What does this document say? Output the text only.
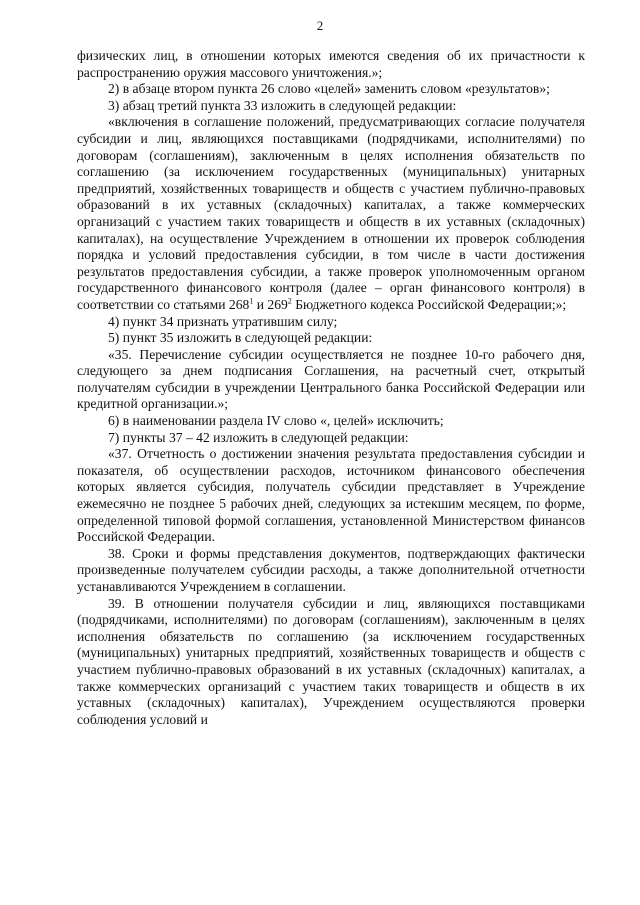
2

физических лиц, в отношении которых имеются сведения об их причастности к распространению оружия массового уничтожения.»;

2) в абзаце втором пункта 26 слово «целей» заменить словом «результатов»;

3) абзац третий пункта 33 изложить в следующей редакции:

«включения в соглашение положений, предусматривающих согласие получателя субсидии и лиц, являющихся поставщиками (подрядчиками, исполнителями) по договорам (соглашениям), заключенным в целях исполнения обязательств по соглашению (за исключением государственных (муниципальных) унитарных предприятий, хозяйственных товариществ и обществ с участием публично-правовых образований в их уставных (складочных) капиталах, а также коммерческих организаций с участием таких товариществ и обществ в их уставных (складочных) капиталах), на осуществление Учреждением в отношении их проверок соблюдения порядка и условий предоставления субсидии, в том числе в части достижения результатов предоставления субсидии, а также проверок уполномоченным органом государственного финансового контроля (далее – орган финансового контроля) в соответствии со статьями $268^1$ и $269^2$ Бюджетного кодекса Российской Федерации;»;

4) пункт 34 признать утратившим силу;

5) пункт 35 изложить в следующей редакции:

«35. Перечисление субсидии осуществляется не позднее 10-го рабочего дня, следующего за днем подписания Соглашения, на расчетный счет, открытый получателям субсидии в учреждении Центрального банка Российской Федерации или кредитной организации.»;

6) в наименовании раздела IV слово «, целей» исключить;

7) пункты 37 – 42 изложить в следующей редакции:

«37. Отчетность о достижении значения результата предоставления субсидии и показателя, об осуществлении расходов, источником финансового обеспечения которых является субсидия, получатель субсидии представляет в Учреждение ежемесячно не позднее 5 рабочих дней, следующих за истекшим месяцем, по форме, определенной типовой формой соглашения, установленной Министерством финансов Российской Федерации.

38. Сроки и формы представления документов, подтверждающих фактически произведенные получателем субсидии расходы, а также дополнительной отчетности устанавливаются Учреждением в соглашении.

39. В отношении получателя субсидии и лиц, являющихся поставщиками (подрядчиками, исполнителями) по договорам (соглашениям), заключенным в целях исполнения обязательств по соглашению (за исключением государственных (муниципальных) унитарных предприятий, хозяйственных товариществ и обществ с участием публично-правовых образований в их уставных (складочных) капиталах, а также коммерческих организаций с участием таких товариществ и обществ в их уставных (складочных) капиталах), Учреждением осуществляются проверки соблюдения условий и
